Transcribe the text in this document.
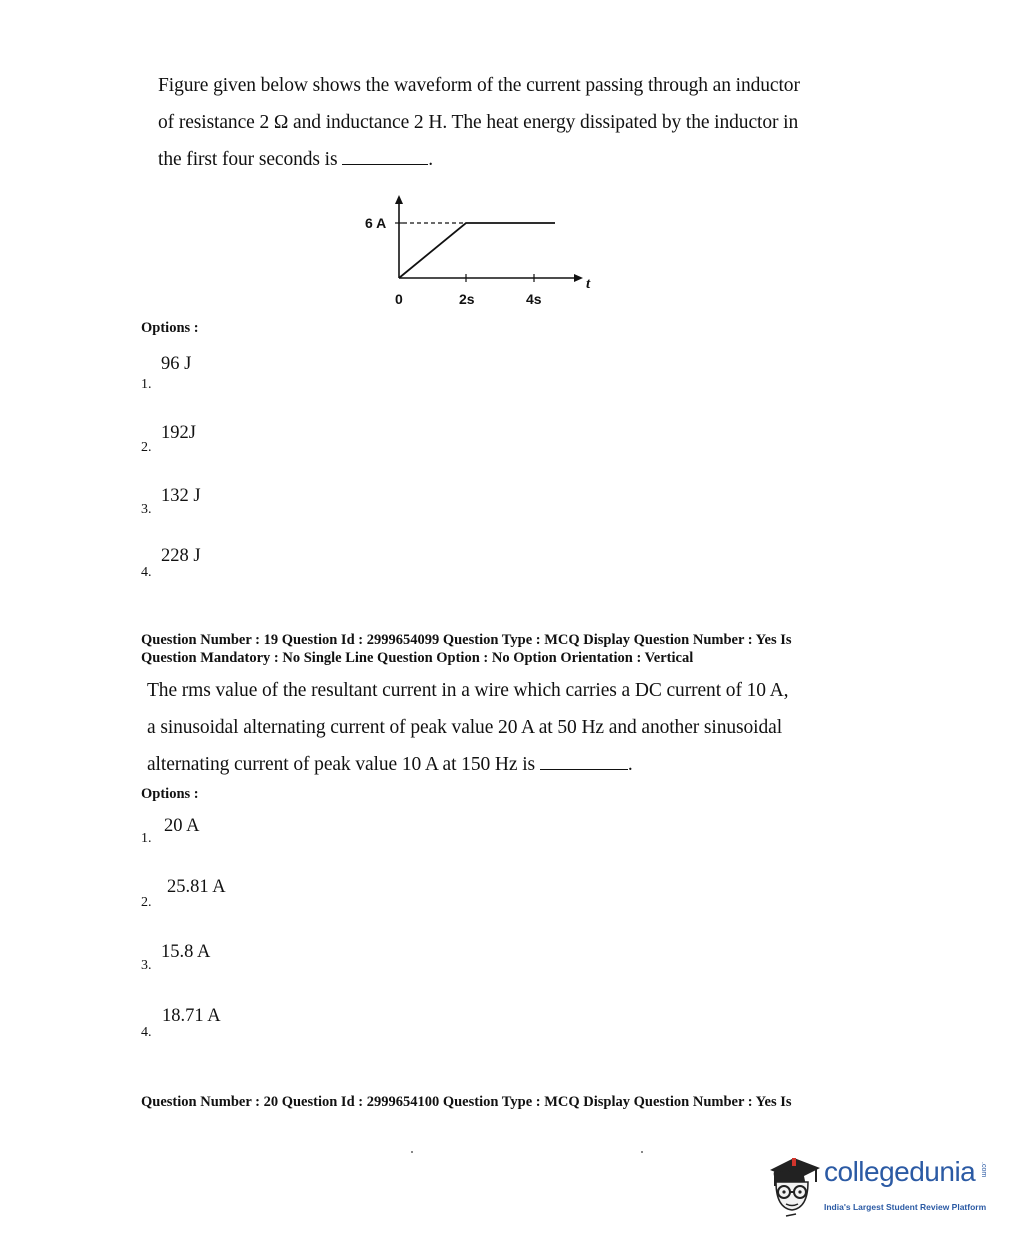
Figure given below shows the waveform of the current passing through an inductor
of resistance 2 Ω and inductance 2 H. The heat energy dissipated by the inductor in
the first four seconds is	.
6 A
0	2s	4s
t
Options :
96 J
1.
192J
2.
132 J
3.
228 J
4.
Question Number : 19 Question Id : 2999654099 Question Type : MCQ Display Question Number : Yes Is
Question Mandatory : No Single Line Question Option : No Option Orientation : Vertical
The rms value of the resultant current in a wire which carries a DC current of 10 A,
a sinusoidal alternating current of peak value 20 A at 50 Hz and another sinusoidal
alternating current of peak value 10 A at 150 Hz is	.
Options :
20 A
1.
25.81 A
2.
15.8 A
3.
18.71 A
4.
Question Number : 20 Question Id : 2999654100 Question Type : MCQ Display Question Number : Yes Is
collegedunia .com
India's Largest Student Review Platform
